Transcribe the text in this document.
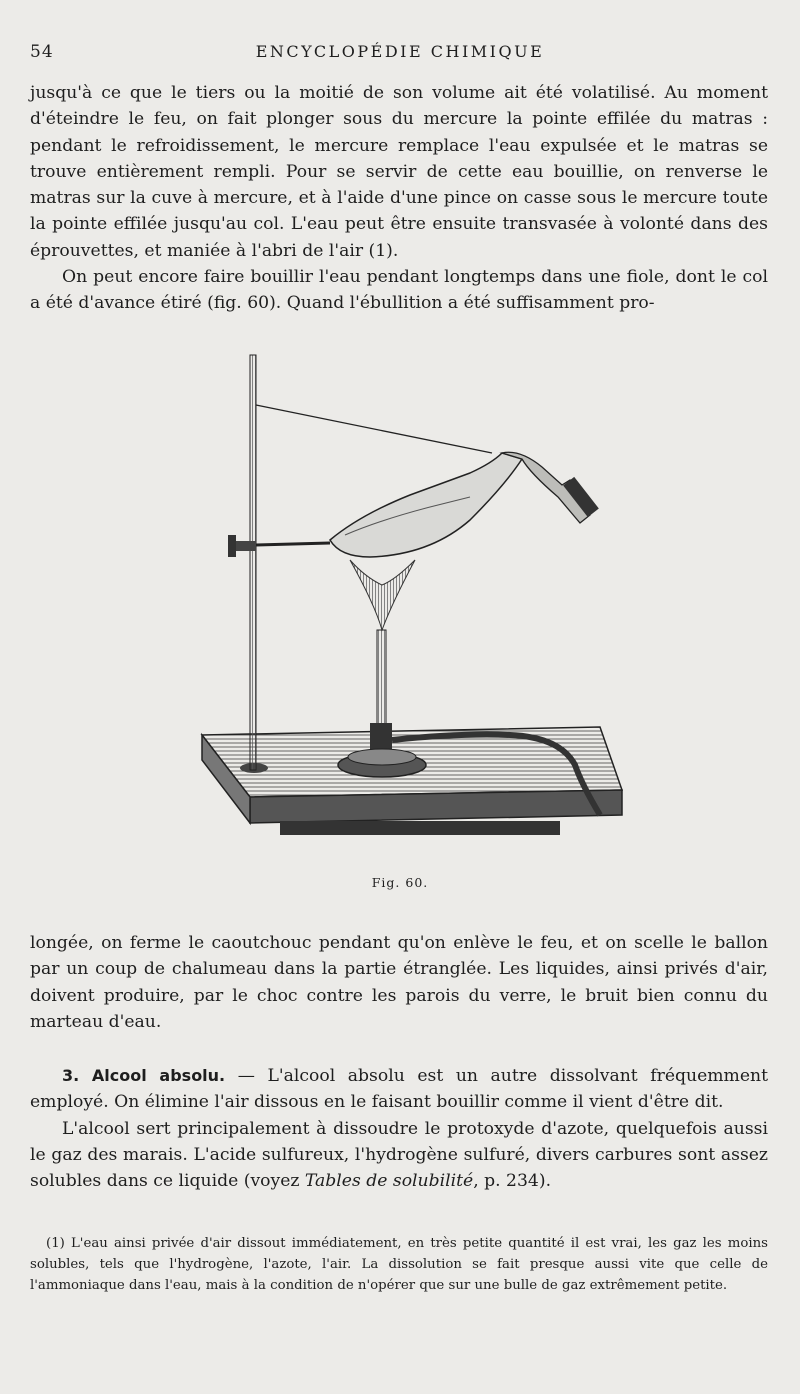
54	ENCYCLOPÉDIE CHIMIQUE

jusqu'à ce que le tiers ou la moitié de son volume ait été volatilisé. Au moment d'éteindre le feu, on fait plonger sous du mercure la pointe effilée du matras : pendant le refroidissement, le mercure remplace l'eau expulsée et le matras se trouve entièrement rempli. Pour se servir de cette eau bouillie, on renverse le matras sur la cuve à mercure, et à l'aide d'une pince on casse sous le mercure toute la pointe effilée jusqu'au col. L'eau peut être ensuite transvasée à volonté dans des éprouvettes, et maniée à l'abri de l'air (1).

On peut encore faire bouillir l'eau pendant longtemps dans une fiole, dont le col a été d'avance étiré (fig. 60). Quand l'ébullition a été suffisamment pro-

Fig. 60.

longée, on ferme le caoutchouc pendant qu'on enlève le feu, et on scelle le ballon par un coup de chalumeau dans la partie étranglée. Les liquides, ainsi privés d'air, doivent produire, par le choc contre les parois du verre, le bruit bien connu du marteau d'eau.

3. Alcool absolu. — L'alcool absolu est un autre dissolvant fréquemment employé. On élimine l'air dissous en le faisant bouillir comme il vient d'être dit.

L'alcool sert principalement à dissoudre le protoxyde d'azote, quelquefois aussi le gaz des marais. L'acide sulfureux, l'hydrogène sulfuré, divers carbures sont assez solubles dans ce liquide (voyez Tables de solubilité, p. 234).

(1) L'eau ainsi privée d'air dissout immédiatement, en très petite quantité il est vrai, les gaz les moins solubles, tels que l'hydrogène, l'azote, l'air. La dissolution se fait presque aussi vite que celle de l'ammoniaque dans l'eau, mais à la condition de n'opérer que sur une bulle de gaz extrêmement petite.
